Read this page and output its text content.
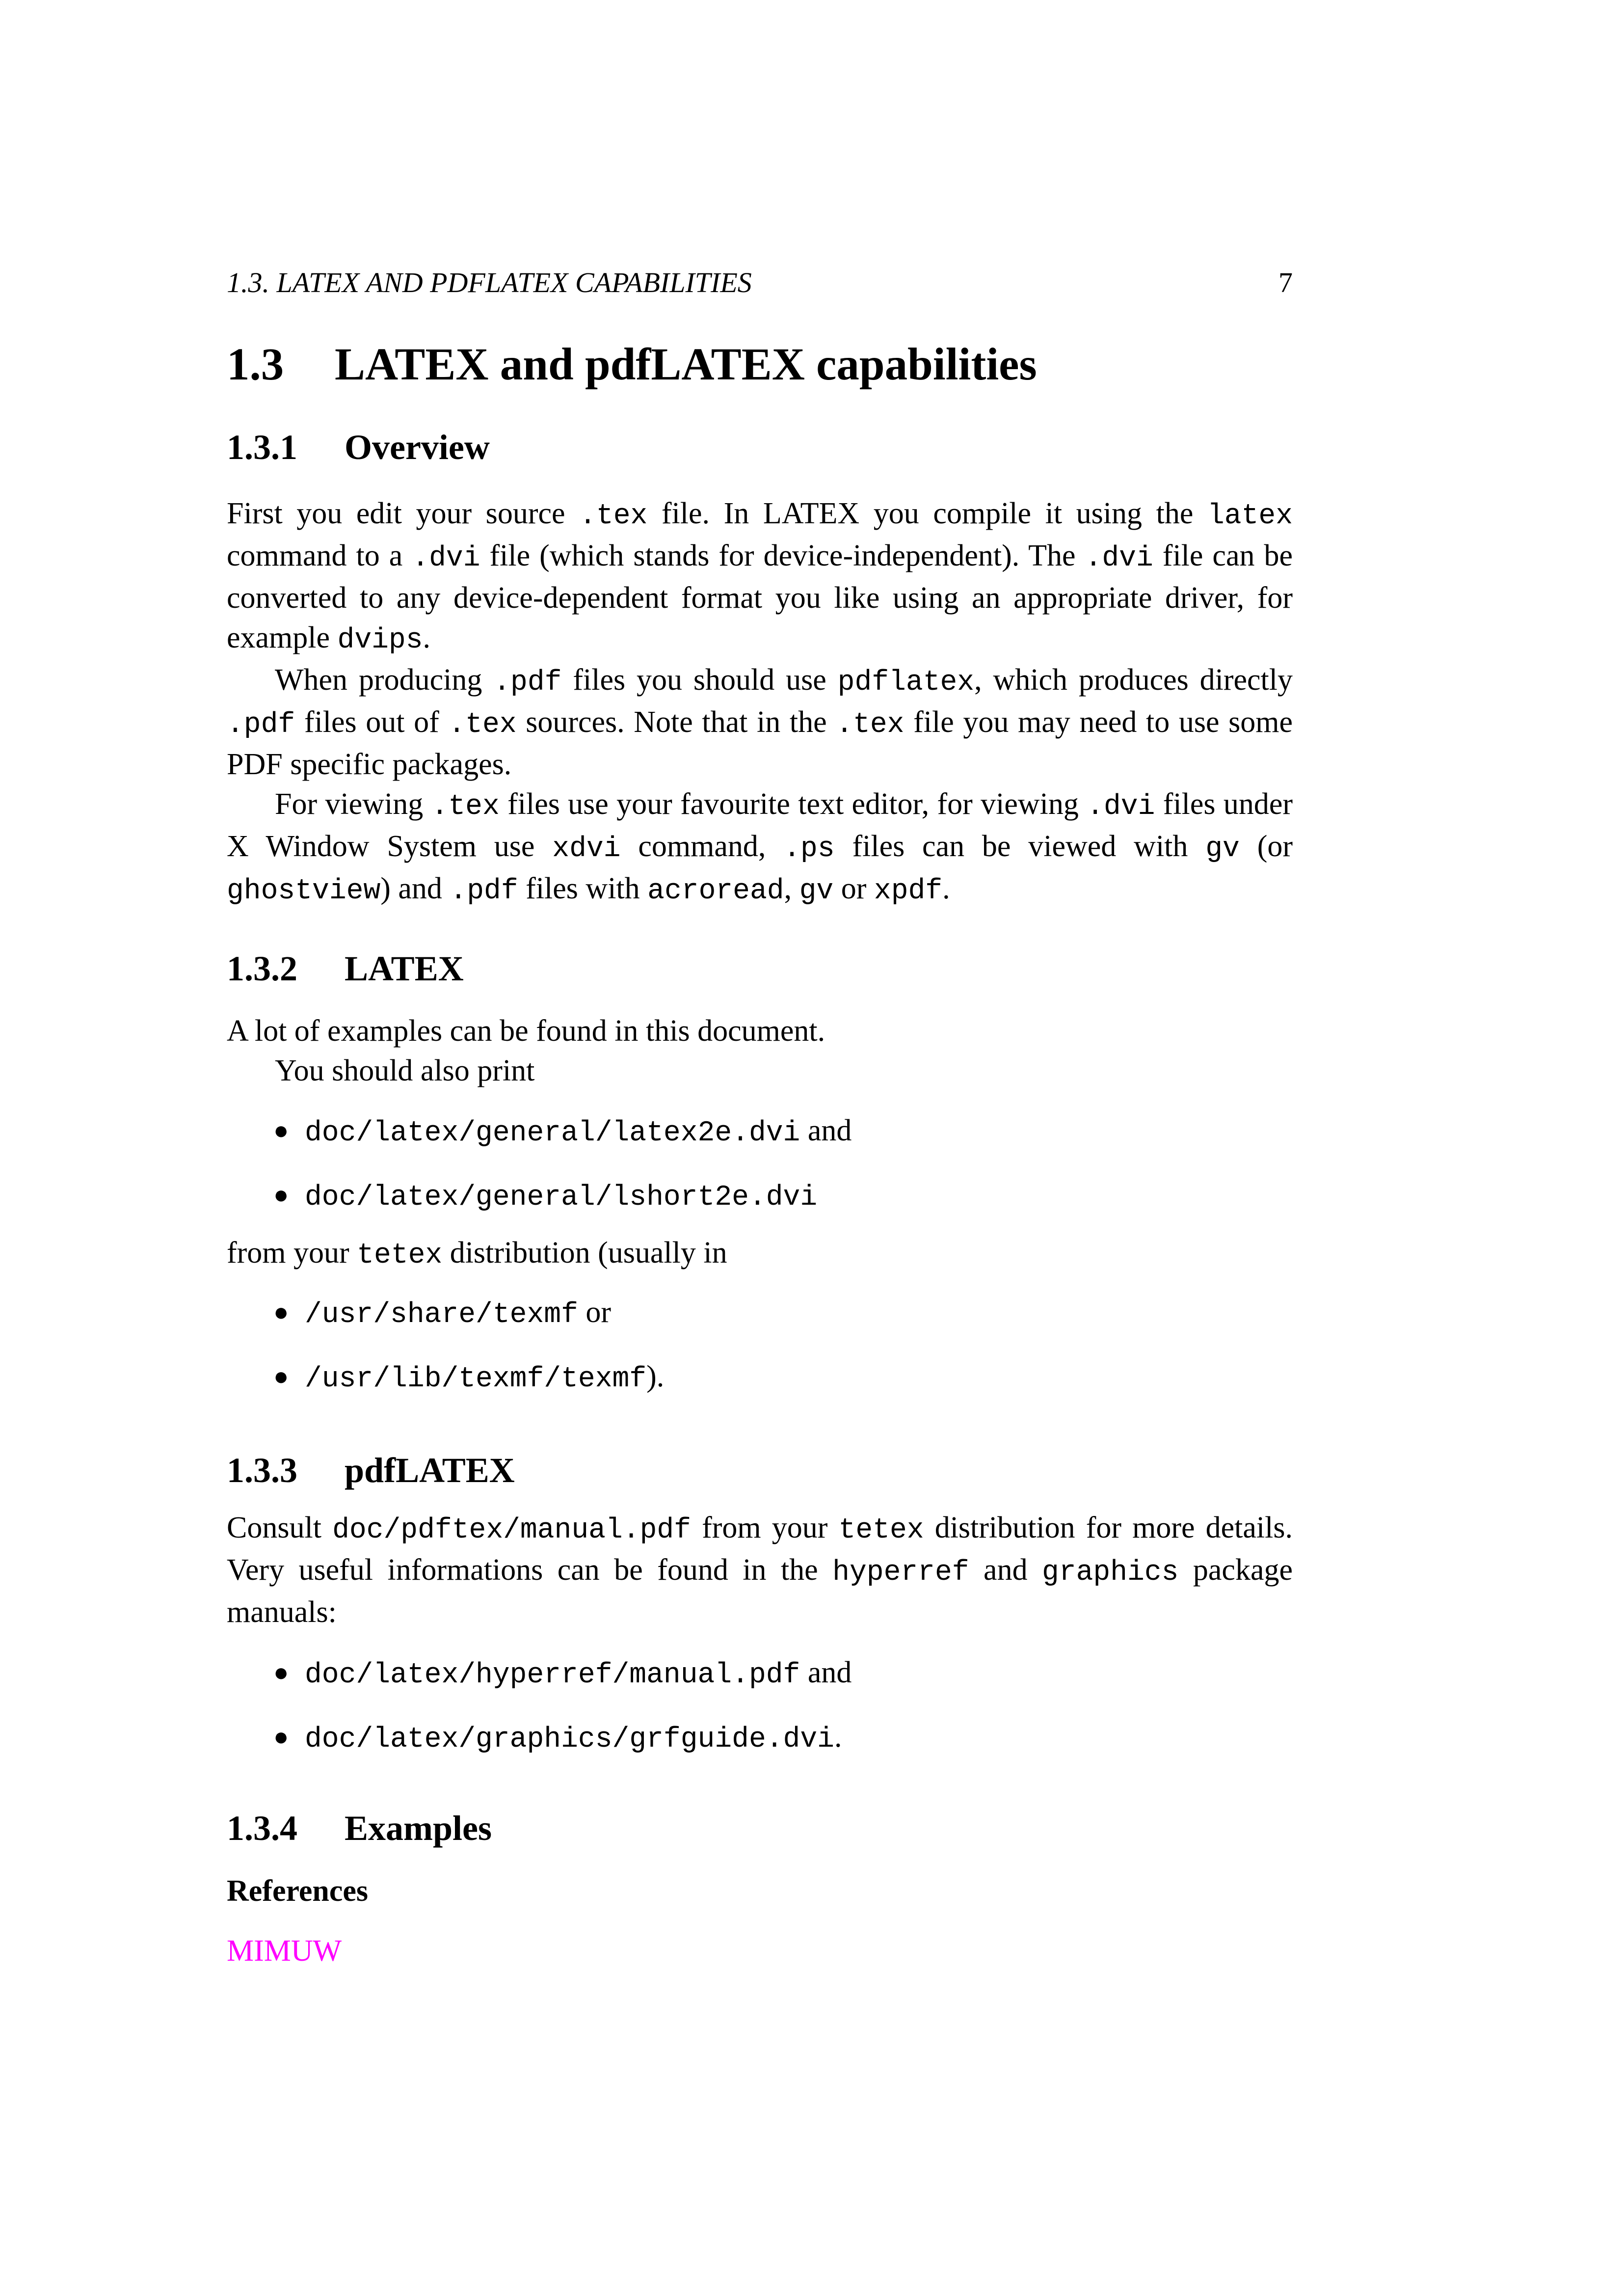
1.3. LATEX AND PDFLATEX CAPABILITIES	7
1.3 LATEX and pdfLATEX capabilities
1.3.1 Overview

First you edit your source .tex file. In LATEX you compile it using the latex command to a .dvi file (which stands for device-independent). The .dvi file can be converted to any device-dependent format you like using an appropriate driver, for example dvips.

When producing .pdf files you should use pdflatex, which produces directly .pdf files out of .tex sources. Note that in the .tex file you may need to use some PDF specific packages.

For viewing .tex files use your favourite text editor, for viewing .dvi files under X Window System use xdvi command, .ps files can be viewed with gv (or ghostview) and .pdf files with acroread, gv or xpdf.

1.3.2 LATEX

A lot of examples can be found in this document.

You should also print

● doc/latex/general/latex2e.dvi and
● doc/latex/general/lshort2e.dvi

from your tetex distribution (usually in

● /usr/share/texmf or
● /usr/lib/texmf/texmf).
1.3.3 pdfLATEX

Consult doc/pdftex/manual.pdf from your tetex distribution for more details. Very useful informations can be found in the hyperref and graphics package manuals:

● doc/latex/hyperref/manual.pdf and
● doc/latex/graphics/grfguide.dvi.
1.3.4 Examples
References
MIMUW
